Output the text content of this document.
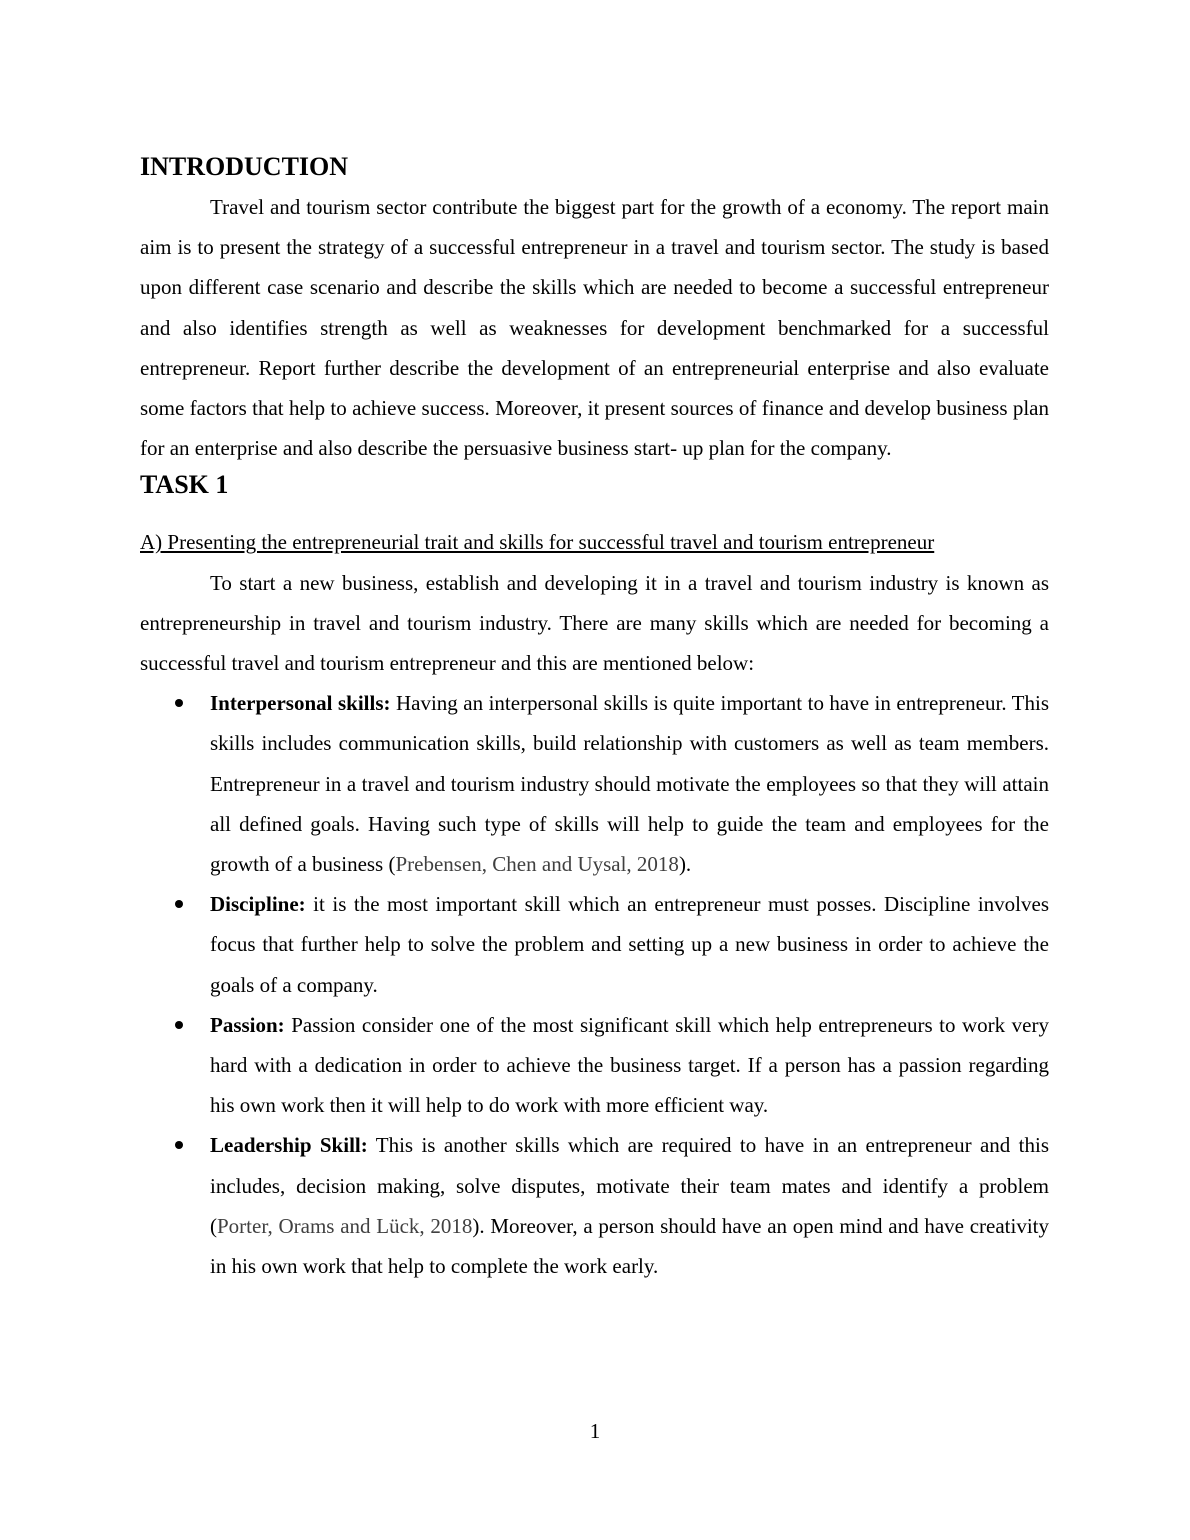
INTRODUCTION

Travel and tourism sector contribute the biggest part for the growth of a economy. The report main aim is to present the strategy of a successful entrepreneur in a travel and tourism sector. The study is based upon different case scenario and describe the skills which are needed to become a successful entrepreneur and also identifies strength as well as weaknesses for development benchmarked for a successful entrepreneur. Report further describe the development of an entrepreneurial enterprise and also evaluate some factors that help to achieve success. Moreover, it present sources of finance and develop business plan for an enterprise and also describe the persuasive business start- up plan for the company.

TASK 1

A) Presenting the entrepreneurial trait and skills for successful travel and tourism entrepreneur

To start a new business, establish and developing it in a travel and tourism industry is known as entrepreneurship in travel and tourism industry. There are many skills which are needed for becoming a successful travel and tourism entrepreneur and this are mentioned below:

Interpersonal skills: Having an interpersonal skills is quite important to have in entrepreneur. This skills includes communication skills, build relationship with customers as well as team members. Entrepreneur in a travel and tourism industry should motivate the employees so that they will attain all defined goals. Having such type of skills will help to guide the team and employees for the growth of a business (Prebensen, Chen and Uysal, 2018).
Discipline: it is the most important skill which an entrepreneur must posses. Discipline involves focus that further help to solve the problem and setting up a new business in order to achieve the goals of a company.
Passion: Passion consider one of the most significant skill which help entrepreneurs to work very hard with a dedication in order to achieve the business target. If a person has a passion regarding his own work then it will help to do work with more efficient way.
Leadership Skill: This is another skills which are required to have in an entrepreneur and this includes, decision making, solve disputes, motivate their team mates and identify a problem (Porter, Orams and Lück, 2018). Moreover, a person should have an open mind and have creativity in his own work that help to complete the work early.
1
